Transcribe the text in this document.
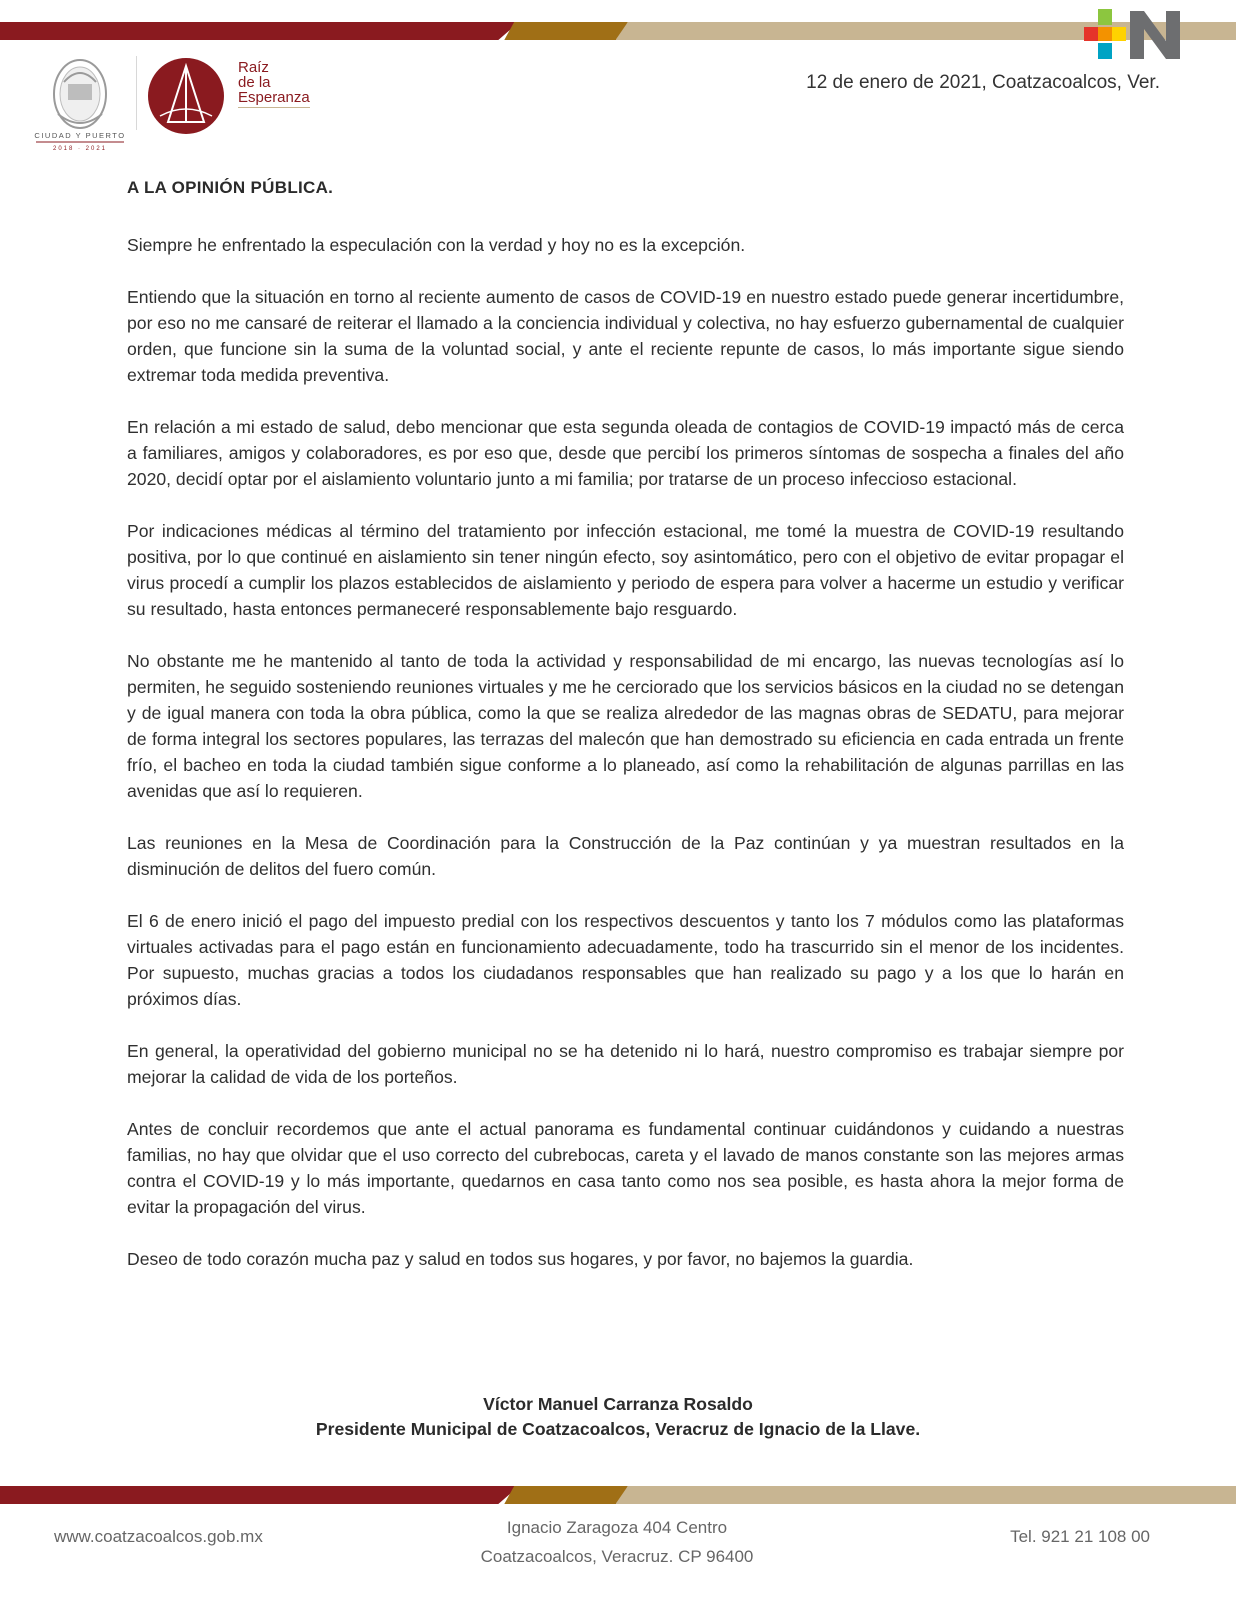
CIUDAD Y PUERTO
2018 · 2021
Raíz
de la
Esperanza
12 de enero de 2021, Coatzacoalcos, Ver.
A LA OPINIÓN PÚBLICA.

Siempre he enfrentado la especulación con la verdad y hoy no es la excepción.

Entiendo que la situación en torno al reciente aumento de casos de COVID-19 en nuestro estado puede generar incertidumbre, por eso no me cansaré de reiterar el llamado a la conciencia individual y colectiva, no hay esfuerzo gubernamental de cualquier orden, que funcione sin la suma de la voluntad social, y ante el reciente repunte de casos, lo más importante sigue siendo extremar toda medida preventiva.

En relación a mi estado de salud, debo mencionar que esta segunda oleada de contagios de COVID-19 impactó más de cerca a familiares, amigos y colaboradores, es por eso que, desde que percibí los primeros síntomas de sospecha a finales del año 2020, decidí optar por el aislamiento voluntario junto a mi familia; por tratarse de un proceso infeccioso estacional.

Por indicaciones médicas al término del tratamiento por infección estacional, me tomé la muestra de COVID-19 resultando positiva, por lo que continué en aislamiento sin tener ningún efecto, soy asintomático, pero con el objetivo de evitar propagar el virus procedí a cumplir los plazos establecidos de aislamiento y periodo de espera para volver a hacerme un estudio y verificar su resultado, hasta entonces permaneceré responsablemente bajo resguardo.

No obstante me he mantenido al tanto de toda la actividad y responsabilidad de mi encargo, las nuevas tecnologías así lo permiten, he seguido sosteniendo reuniones virtuales y me he cerciorado que los servicios básicos en la ciudad no se detengan y de igual manera con toda la obra pública, como la que se realiza alrededor de las magnas obras de SEDATU, para mejorar de forma integral los sectores populares, las terrazas del malecón que han demostrado su eficiencia en cada entrada un frente frío, el bacheo en toda la ciudad también sigue conforme a lo planeado, así como la rehabilitación de algunas parrillas en las avenidas que así lo requieren.

Las reuniones en la Mesa de Coordinación para la Construcción de la Paz continúan y ya muestran resultados en la disminución de delitos del fuero común.

El 6 de enero inició el pago del impuesto predial con los respectivos descuentos y tanto los 7 módulos como las plataformas virtuales activadas para el pago están en funcionamiento adecuadamente, todo ha trascurrido sin el menor de los incidentes. Por supuesto, muchas gracias a todos los ciudadanos responsables que han realizado su pago y a los que lo harán en próximos días.

En general, la operatividad del gobierno municipal no se ha detenido ni lo hará, nuestro compromiso es trabajar siempre por mejorar la calidad de vida de los porteños.

Antes de concluir recordemos que ante el actual panorama es fundamental continuar cuidándonos y cuidando a nuestras familias, no hay que olvidar que el uso correcto del cubrebocas, careta y el lavado de manos constante son las mejores armas contra el COVID-19 y lo más importante, quedarnos en casa tanto como nos sea posible, es hasta ahora la mejor forma de evitar la propagación del virus.

Deseo de todo corazón mucha paz y salud en todos sus hogares, y por favor, no bajemos la guardia.

Víctor Manuel Carranza Rosaldo
Presidente Municipal de Coatzacoalcos, Veracruz de Ignacio de la Llave.
www.coatzacoalcos.gob.mx	Ignacio Zaragoza 404 Centro
Coatzacoalcos, Veracruz. CP 96400
Tel. 921 21 108 00
